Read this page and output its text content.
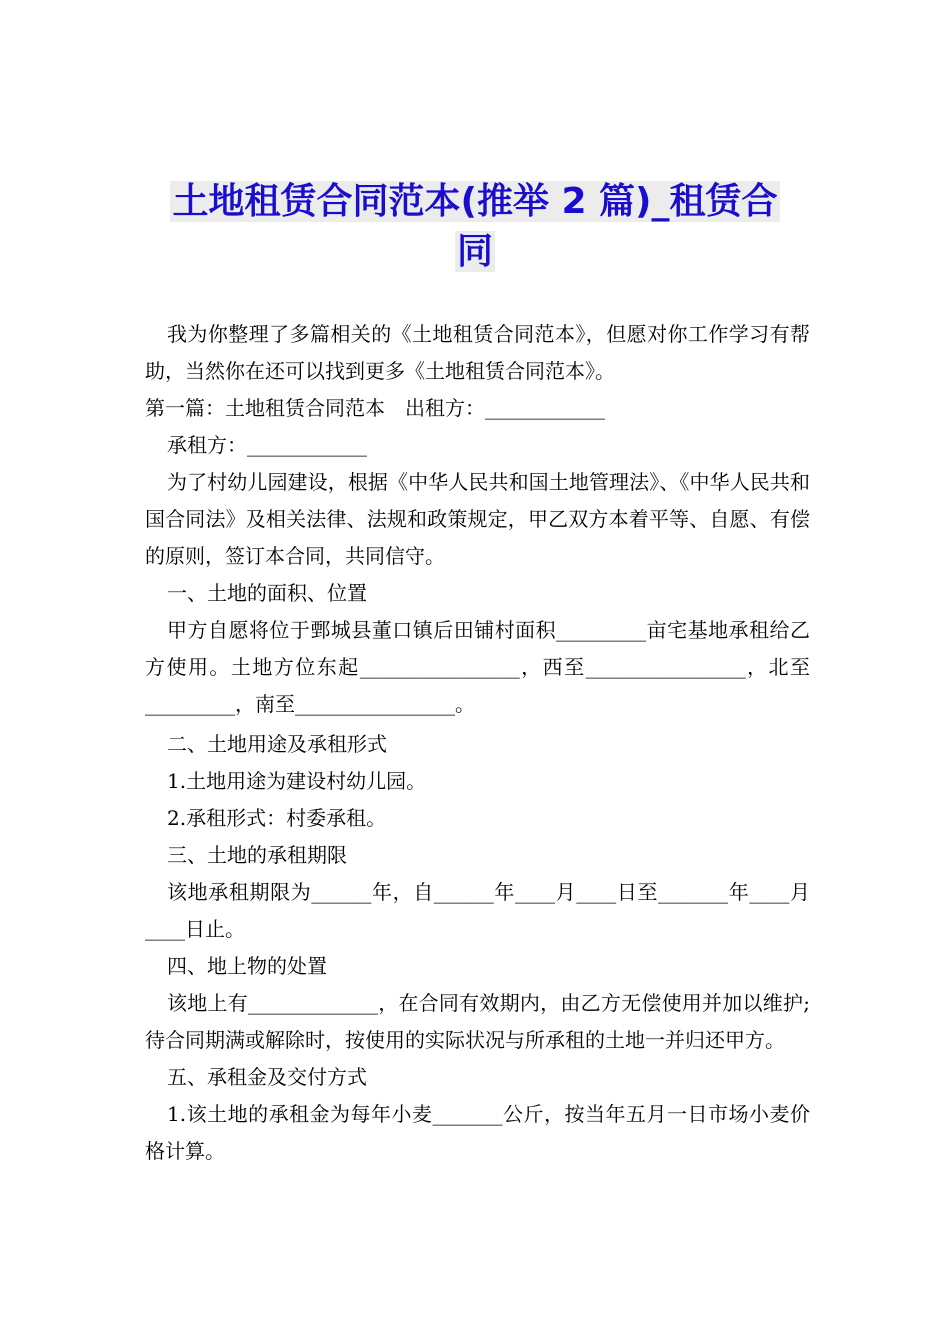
土地租赁合同范本(推举 2 篇)_租赁合
同

我为你整理了多篇相关的《土地租赁合同范本》，但愿对你工作学习有帮助，当然你在还可以找到更多《土地租赁合同范本》。

第一篇：土地租赁合同范本　出租方：____________

承租方：____________

为了村幼儿园建设，根据《中华人民共和国土地管理法》、《中华人民共和国合同法》及相关法律、法规和政策规定，甲乙双方本着平等、自愿、有偿的原则，签订本合同，共同信守。

一、土地的面积、位置

甲方自愿将位于鄄城县董口镇后田铺村面积_________亩宅基地承租给乙方使用。土地方位东起________________，西至________________，北至_________，南至________________。

二、土地用途及承租形式

1.土地用途为建设村幼儿园。

2.承租形式：村委承租。

三、土地的承租期限

该地承租期限为______年，自______年____月____日至_______年____月____日止。

四、地上物的处置

该地上有_____________，在合同有效期内，由乙方无偿使用并加以维护;待合同期满或解除时，按使用的实际状况与所承租的土地一并归还甲方。

五、承租金及交付方式

1.该土地的承租金为每年小麦_______公斤，按当年五月一日市场小麦价格计算。
